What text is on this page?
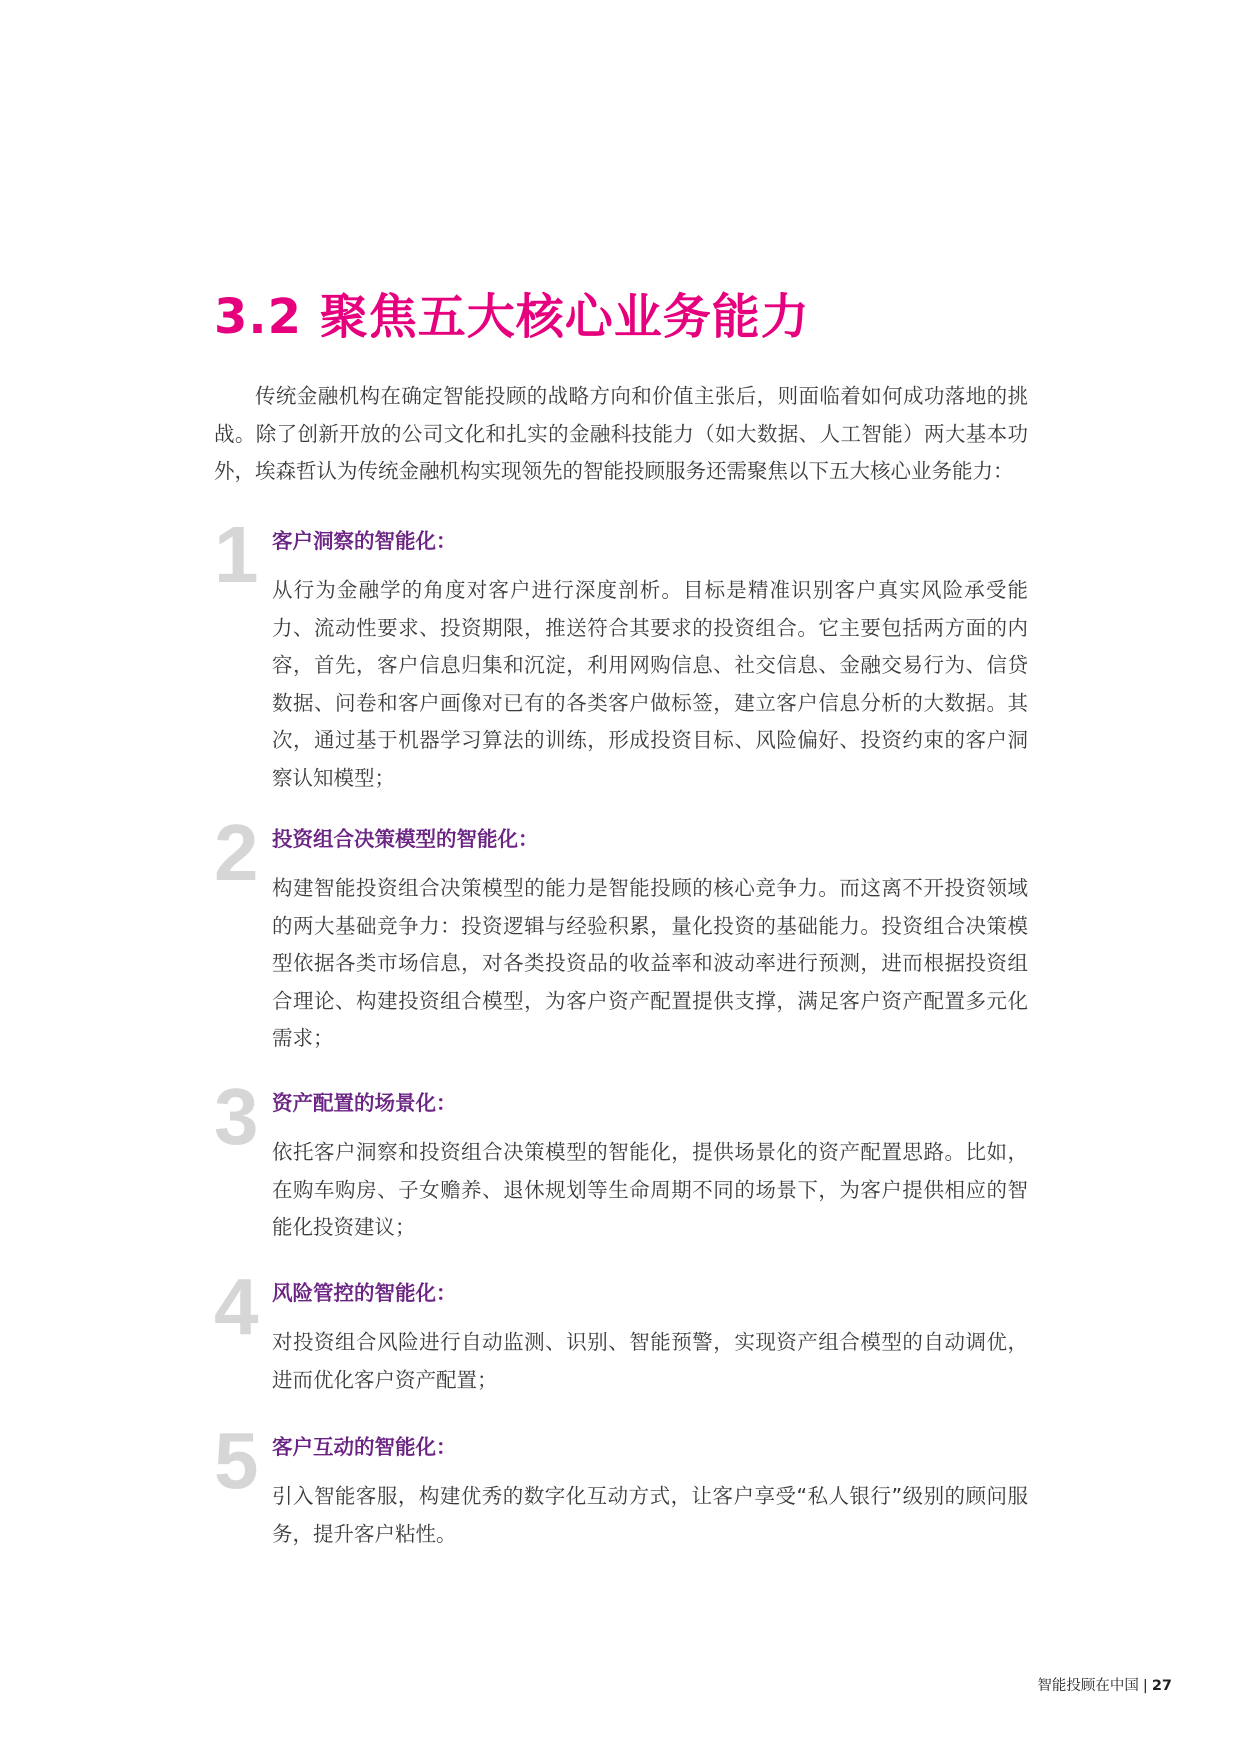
3.2 聚焦五大核心业务能力

传统金融机构在确定智能投顾的战略方向和价值主张后，则面临着如何成功落地的挑战。除了创新开放的公司文化和扎实的金融科技能力（如大数据、人工智能）两大基本功外，埃森哲认为传统金融机构实现领先的智能投顾服务还需聚焦以下五大核心业务能力：

1 客户洞察的智能化：

从行为金融学的角度对客户进行深度剖析。目标是精准识别客户真实风险承受能力、流动性要求、投资期限，推送符合其要求的投资组合。它主要包括两方面的内容，首先，客户信息归集和沉淀，利用网购信息、社交信息、金融交易行为、信贷数据、问卷和客户画像对已有的各类客户做标签，建立客户信息分析的大数据。其次，通过基于机器学习算法的训练，形成投资目标、风险偏好、投资约束的客户洞察认知模型；

2 投资组合决策模型的智能化：

构建智能投资组合决策模型的能力是智能投顾的核心竞争力。而这离不开投资领域的两大基础竞争力：投资逻辑与经验积累，量化投资的基础能力。投资组合决策模型依据各类市场信息，对各类投资品的收益率和波动率进行预测，进而根据投资组合理论、构建投资组合模型，为客户资产配置提供支撑，满足客户资产配置多元化需求；

3 资产配置的场景化：

依托客户洞察和投资组合决策模型的智能化，提供场景化的资产配置思路。比如，在购车购房、子女赡养、退休规划等生命周期不同的场景下，为客户提供相应的智能化投资建议；

4 风险管控的智能化：

对投资组合风险进行自动监测、识别、智能预警，实现资产组合模型的自动调优，进而优化客户资产配置；

5 客户互动的智能化：

引入智能客服，构建优秀的数字化互动方式，让客户享受“私人银行”级别的顾问服务，提升客户粘性。

智能投顾在中国 | 27
